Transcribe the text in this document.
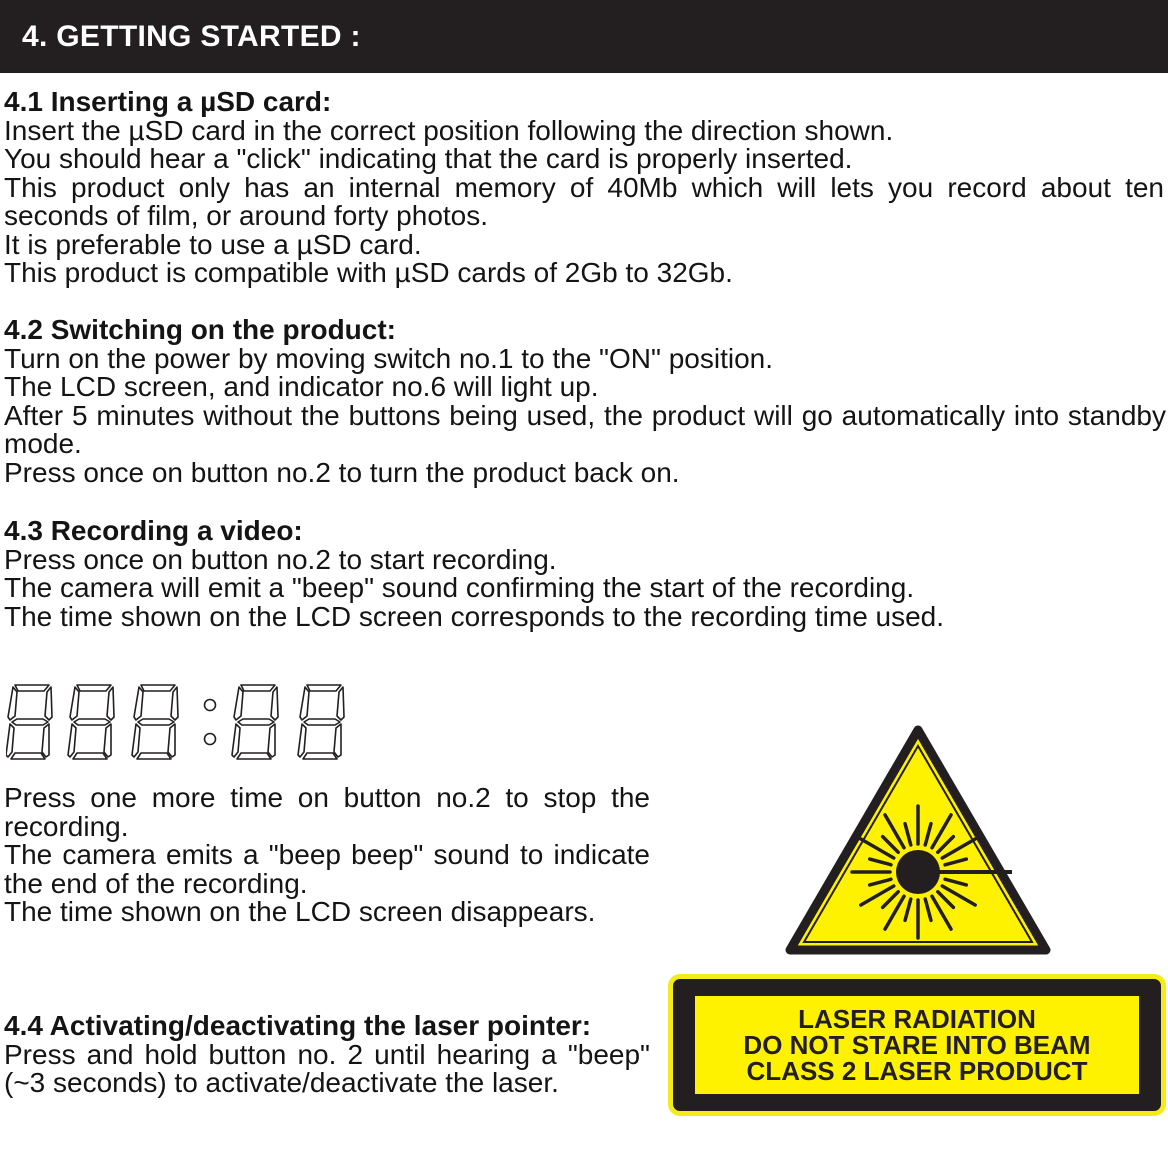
4. GETTING STARTED :
4.1 Inserting a µSD card:

Insert the µSD card in the correct position following the direction shown.

You should hear a "click" indicating that the card is properly inserted.

This product only has an internal memory of 40Mb which will lets you record about ten seconds of film, or around forty photos.

It is preferable to use a µSD card.

This product is compatible with µSD cards of 2Gb to 32Gb.

4.2 Switching on the product:

Turn on the power by moving switch no.1 to the "ON" position.

The LCD screen, and indicator no.6 will light up.

After 5 minutes without the buttons being used, the product will go automatically into standby mode.

Press once on button no.2 to turn the product back on.

4.3 Recording a video:

Press once on button no.2 to start recording.

The camera will emit a "beep" sound confirming the start of the recording.

The time shown on the LCD screen corresponds to the recording time used.

Press one more time on button no.2 to stop the recording.

The camera emits a "beep beep" sound to indicate the end of the recording.

The time shown on the LCD screen disappears.

4.4 Activating/deactivating the laser pointer:

Press and hold button no. 2 until hearing a "beep" (~3 seconds) to activate/deactivate the laser.

LASER RADIATION
DO NOT STARE INTO BEAM
CLASS 2 LASER PRODUCT
